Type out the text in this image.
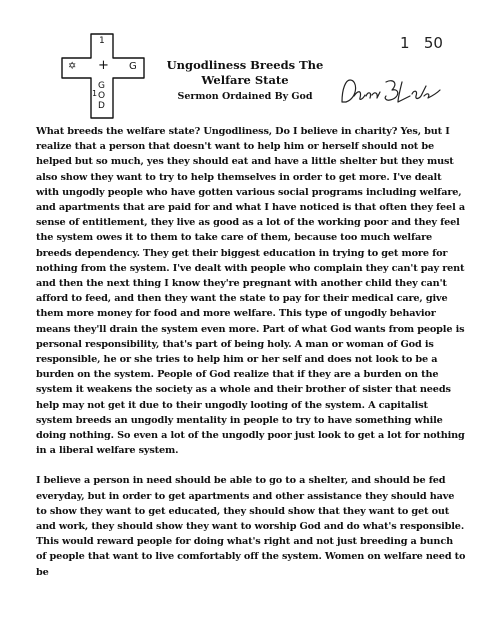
1
✡ + G
G
O
D
1

Ungodliness Breeds The

Welfare State

Sermon Ordained By God

1   50

What breeds the welfare state? Ungodliness, Do I believe in charity? Yes, but I realize that a person that doesn't want to help him or herself should not be helped but so much, yes they should eat and have a little shelter but they must also show they want to try to help themselves in order to get more. I've dealt with ungodly people who have gotten various social programs including welfare, and apartments that are paid for and what I have noticed is that often they feel a sense of entitlement, they live as good as a lot of the working poor and they feel the system owes it to them to take care of them, because too much welfare breeds dependency. They get their biggest education in trying to get more for nothing from the system. I've dealt with people who complain they can't pay rent and then the next thing I know they're pregnant with another child they can't afford to feed, and then they want the state to pay for their medical care, give them more money for food and more welfare. This type of ungodly behavior means they'll drain the system even more. Part of what God wants from people is personal responsibility, that's part of being holy. A man or woman of God is responsible, he or she tries to help him or her self and does not look to be a burden on the system. People of God realize that if they are a burden on the system it weakens the society as a whole and their brother of sister that needs help may not get it due to their ungodly looting of the system. A capitalist system breeds an ungodly mentality in people to try to have something while doing nothing. So even a lot of the ungodly poor just look to get a lot for nothing in a liberal welfare system.

I believe a person in need should be able to go to a shelter, and should be fed everyday, but in order to get apartments and other assistance they should have to show they want to get educated, they should show that they want to get out and work, they should show they want to worship God and do what's responsible. This would reward people for doing what's right and not just breeding a bunch of people that want to live comfortably off the system. Women on welfare need to be
